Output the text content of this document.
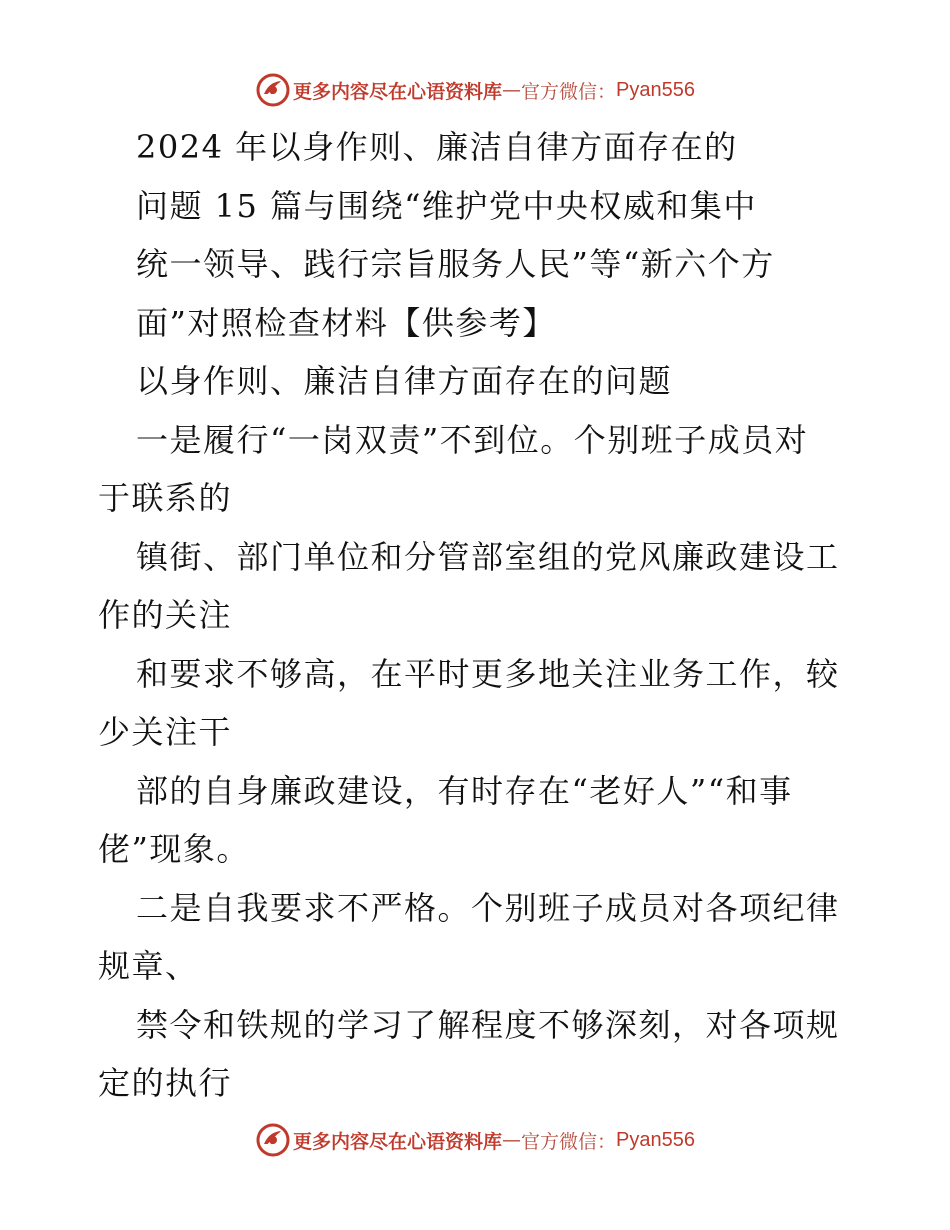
更多内容尽在心语资料库 — 官方微信： Pyan556
2024 年以身作则、廉洁自律方面存在的
问题 15 篇与围绕“维护党中央权威和集中
统一领导、践行宗旨服务人民”等“新六个方
面”对照检查材料【供参考】
以身作则、廉洁自律方面存在的问题
一是履行“一岗双责”不到位。个别班子成员对
于联系的
镇街、部门单位和分管部室组的党风廉政建设工
作的关注
和要求不够高，在平时更多地关注业务工作，较
少关注干
部的自身廉政建设，有时存在“老好人”“和事
佬”现象。
二是自我要求不严格。个别班子成员对各项纪律
规章、
禁令和铁规的学习了解程度不够深刻，对各项规
定的执行
更多内容尽在心语资料库 — 官方微信： Pyan556
